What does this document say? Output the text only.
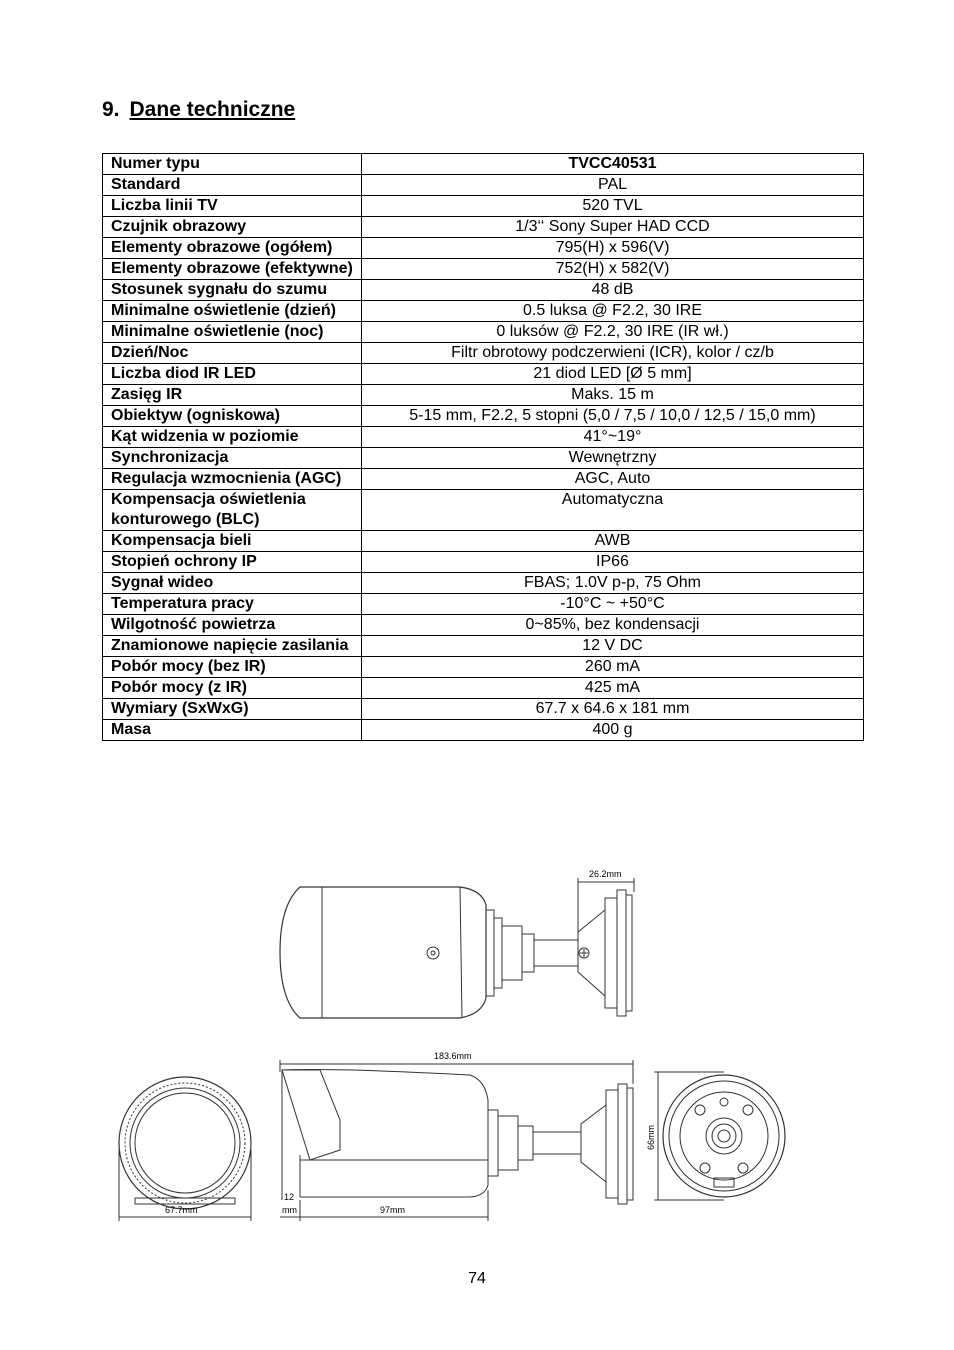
9. Dane techniczne
Numer typu	TVCC40531
Standard	PAL
Liczba linii TV	520 TVL
Czujnik obrazowy	1/3‘‘ Sony Super HAD CCD
Elementy obrazowe (ogółem)	795(H) x 596(V)
Elementy obrazowe (efektywne)	752(H) x 582(V)
Stosunek sygnału do szumu	48 dB
Minimalne oświetlenie (dzień)	0.5 luksa @ F2.2, 30 IRE
Minimalne oświetlenie (noc)	0 luksów @ F2.2, 30 IRE (IR wł.)
Dzień/Noc	Filtr obrotowy podczerwieni (ICR), kolor / cz/b
Liczba diod IR LED	21 diod LED [Ø 5 mm]
Zasięg IR	Maks. 15 m
Obiektyw (ogniskowa)	5-15 mm, F2.2, 5 stopni (5,0 / 7,5 / 10,0 / 12,5 / 15,0 mm)
Kąt widzenia w poziomie	41°~19°
Synchronizacja	Wewnętrzny
Regulacja wzmocnienia (AGC)	AGC, Auto
Kompensacja oświetlenia konturowego (BLC)	Automatyczna
Kompensacja bieli	AWB
Stopień ochrony IP	IP66
Sygnał wideo	FBAS; 1.0V p-p, 75 Ohm
Temperatura pracy	-10°C ~ +50°C
Wilgotność powietrza	0~85%, bez kondensacji
Znamionowe napięcie zasilania	12 V DC
Pobór mocy (bez IR)	260 mA
Pobór mocy (z IR)	425 mA
Wymiary (SxWxG)	67.7 x 64.6 x 181 mm
Masa	400 g
26.2mm
67.7mm
183.6mm
12
mm	97mm
66mm
74
